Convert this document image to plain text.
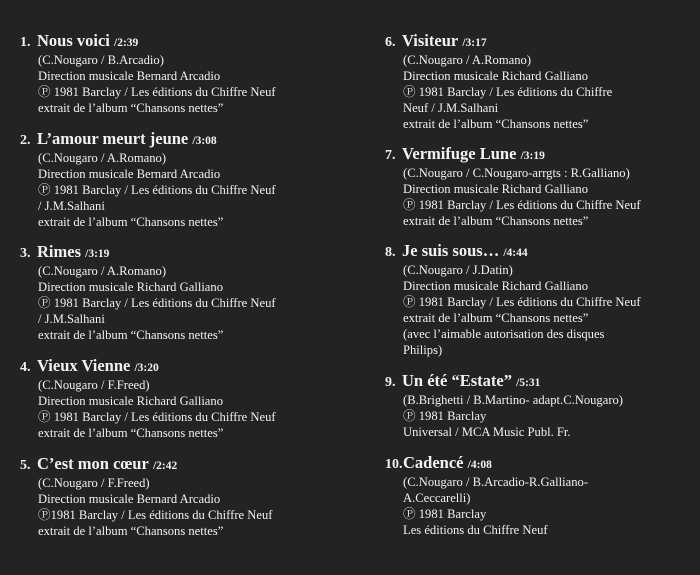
1. Nous voici /2:39
(C.Nougaro / B.Arcadio)
Direction musicale Bernard Arcadio
Ⓟ 1981 Barclay / Les éditions du Chiffre Neuf
extrait de l’album “Chansons nettes”
2. L’amour meurt jeune /3:08
(C.Nougaro / A.Romano)
Direction musicale Bernard Arcadio
Ⓟ 1981 Barclay / Les éditions du Chiffre Neuf
/ J.M.Salhani
extrait de l’album “Chansons nettes”
3. Rimes /3:19
(C.Nougaro / A.Romano)
Direction musicale Richard Galliano
Ⓟ 1981 Barclay / Les éditions du Chiffre Neuf
/ J.M.Salhani
extrait de l’album “Chansons nettes”
4. Vieux Vienne /3:20
(C.Nougaro / F.Freed)
Direction musicale Richard Galliano
Ⓟ 1981 Barclay / Les éditions du Chiffre Neuf
extrait de l’album “Chansons nettes”
5. C’est mon cœur /2:42
(C.Nougaro / F.Freed)
Direction musicale Bernard Arcadio
Ⓟ1981 Barclay / Les éditions du Chiffre Neuf
extrait de l’album “Chansons nettes”
6. Visiteur /3:17
(C.Nougaro / A.Romano)
Direction musicale Richard Galliano
Ⓟ 1981 Barclay / Les éditions du Chiffre
Neuf / J.M.Salhani
extrait de l’album “Chansons nettes”
7. Vermifuge Lune /3:19
(C.Nougaro / C.Nougaro-arrgts : R.Galliano)
Direction musicale Richard Galliano
Ⓟ 1981 Barclay / Les éditions du Chiffre Neuf
extrait de l’album “Chansons nettes”
8. Je suis sous… /4:44
(C.Nougaro / J.Datin)
Direction musicale Richard Galliano
Ⓟ 1981 Barclay / Les éditions du Chiffre Neuf
extrait de l’album “Chansons nettes”
(avec l’aimable autorisation des disques
Philips)
9. Un été “Estate” /5:31
(B.Brighetti / B.Martino- adapt.C.Nougaro)
Ⓟ 1981 Barclay
Universal / MCA Music Publ. Fr.
10.Cadencé /4:08
(C.Nougaro / B.Arcadio-R.Galliano-
A.Ceccarelli)
Ⓟ 1981 Barclay
Les éditions du Chiffre Neuf
